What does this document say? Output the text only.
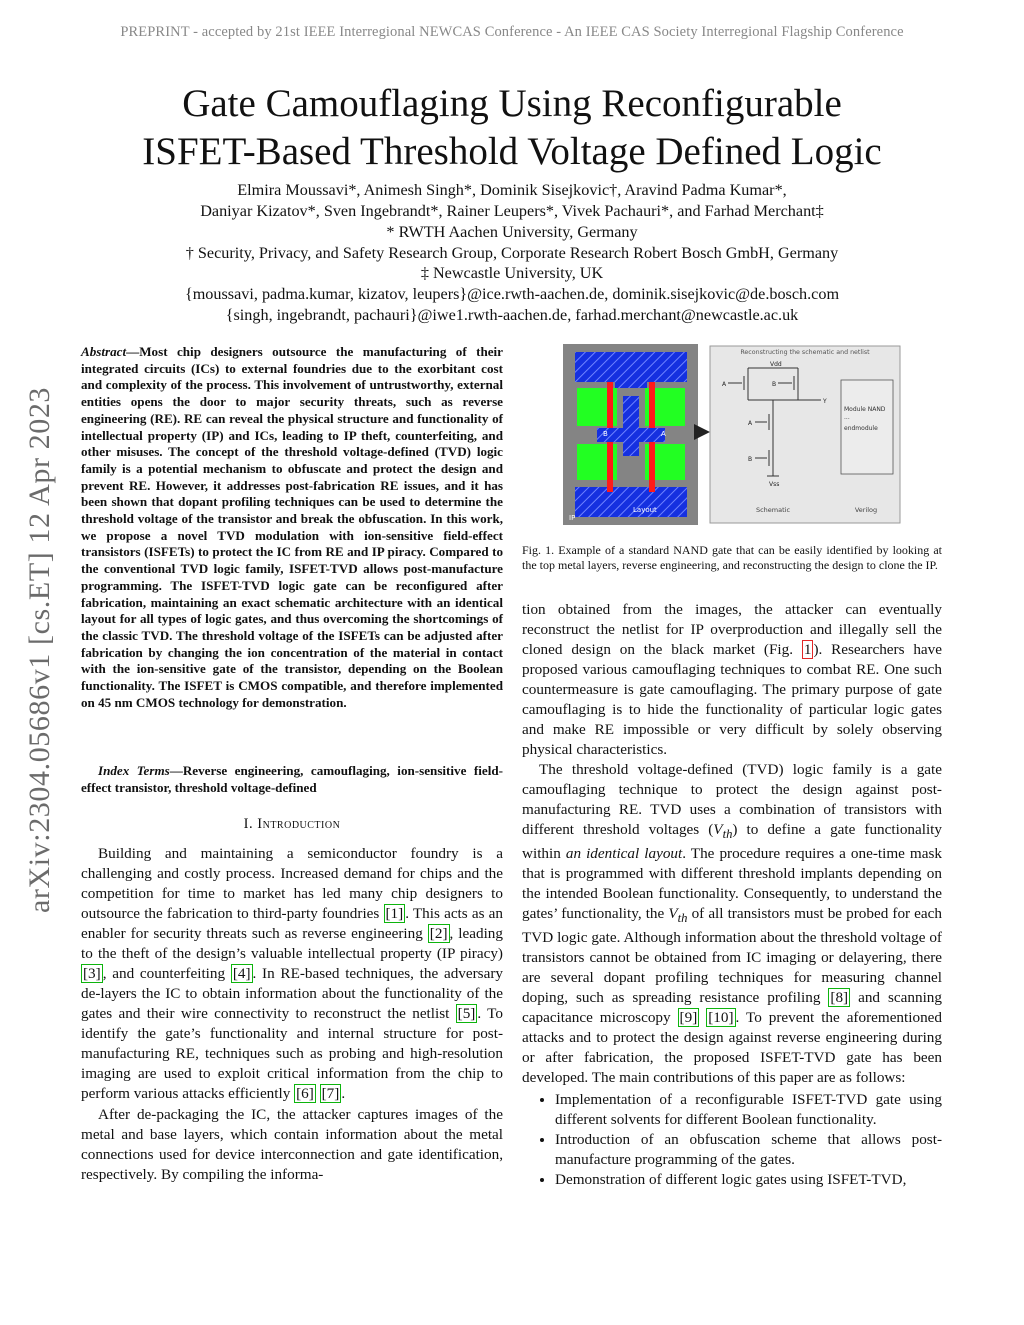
PREPRINT - accepted by 21st IEEE Interregional NEWCAS Conference - An IEEE CAS Society Interregional Flagship Conference
Gate Camouflaging Using Reconfigurable
ISFET-Based Threshold Voltage Defined Logic
Elmira Moussavi*, Animesh Singh*, Dominik Sisejkovic†, Aravind Padma Kumar*,
Daniyar Kizatov*, Sven Ingebrandt*, Rainer Leupers*, Vivek Pachauri*, and Farhad Merchant‡
* RWTH Aachen University, Germany
† Security, Privacy, and Safety Research Group, Corporate Research Robert Bosch GmbH, Germany
‡ Newcastle University, UK
{moussavi, padma.kumar, kizatov, leupers}@ice.rwth-aachen.de, dominik.sisejkovic@de.bosch.com
{singh, ingebrandt, pachauri}@iwe1.rwth-aachen.de, farhad.merchant@newcastle.ac.uk
arXiv:2304.05686v1 [cs.ET] 12 Apr 2023
Abstract—Most chip designers outsource the manufacturing of their integrated circuits (ICs) to external foundries due to the exorbitant cost and complexity of the process. This involvement of untrustworthy, external entities opens the door to major security threats, such as reverse engineering (RE). RE can reveal the physical structure and functionality of intellectual property (IP) and ICs, leading to IP theft, counterfeiting, and other misuses. The concept of the threshold voltage-defined (TVD) logic family is a potential mechanism to obfuscate and protect the design and prevent RE. However, it addresses post-fabrication RE issues, and it has been shown that dopant profiling techniques can be used to determine the threshold voltage of the transistor and break the obfuscation. In this work, we propose a novel TVD modulation with ion-sensitive field-effect transistors (ISFETs) to protect the IC from RE and IP piracy. Compared to the conventional TVD logic family, ISFET-TVD allows post-manufacture programming. The ISFET-TVD logic gate can be reconfigured after fabrication, maintaining an exact schematic architecture with an identical layout for all types of logic gates, and thus overcoming the shortcomings of the classic TVD. The threshold voltage of the ISFETs can be adjusted after fabrication by changing the ion concentration of the material in contact with the ion-sensitive gate of the transistor, depending on the Boolean functionality. The ISFET is CMOS compatible, and therefore implemented on 45 nm CMOS technology for demonstration.
Index Terms—Reverse engineering, camouflaging, ion-sensitive field-effect transistor, threshold voltage-defined
I. Introduction

Building and maintaining a semiconductor foundry is a challenging and costly process. Increased demand for chips and the competition for time to market has led many chip designers to outsource the fabrication to third-party foundries [1] . This acts as an enabler for security threats such as reverse engineering [2] , leading to the theft of the design’s valuable intellectual property (IP piracy) [3] , and counterfeiting [4] . In RE-based techniques, the adversary de-layers the IC to obtain information about the functionality of the gates and their wire connectivity to reconstruct the netlist [5] . To identify the gate’s functionality and internal structure for post-manufacturing RE, techniques such as probing and high-resolution imaging are used to exploit critical information from the chip to perform various attacks efficiently [6] [7] .

After de-packaging the IC, the attacker captures images of the metal and base layers, which contain information about the metal connections used for device interconnection and gate identification, respectively. By compiling the informa-

B	A
IP
Layout
Reconstructing the schematic and netlist
Vdd
Vss
A	B
Y
A
B
Schematic
Module NAND
...
endmodule
Verilog
Fig. 1. Example of a standard NAND gate that can be easily identified by looking at the top metal layers, reverse engineering, and reconstructing the design to clone the IP.

tion obtained from the images, the attacker can eventually reconstruct the netlist for IP overproduction and illegally sell the cloned design on the black market (Fig. 1 ). Researchers have proposed various camouflaging techniques to combat RE. One such countermeasure is gate camouflaging. The primary purpose of gate camouflaging is to hide the functionality of particular logic gates and make RE impossible or very difficult by solely observing physical characteristics.

The threshold voltage-defined (TVD) logic family is a gate camouflaging technique to protect the design against post-manufacturing RE. TVD uses a combination of transistors with different threshold voltages $(V_{th})$ to define a gate functionality within an identical layout. The procedure requires a one-time mask that is programmed with different threshold implants depending on the intended Boolean functionality. Consequently, to understand the gates’ functionality, the $V_{th}$ of all transistors must be probed for each TVD logic gate. Although information about the threshold voltage of transistors cannot be obtained from IC imaging or delayering, there are several dopant profiling techniques for measuring channel doping, such as spreading resistance profiling [8] and scanning capacitance microscopy [9] [10] . To prevent the aforementioned attacks and to protect the design against reverse engineering during or after fabrication, the proposed ISFET-TVD gate has been developed. The main contributions of this paper are as follows:

• Implementation of a reconfigurable ISFET-TVD gate using different solvents for different Boolean functionality.
• Introduction of an obfuscation scheme that allows post-manufacture programming of the gates.
• Demonstration of different logic gates using ISFET-TVD,
